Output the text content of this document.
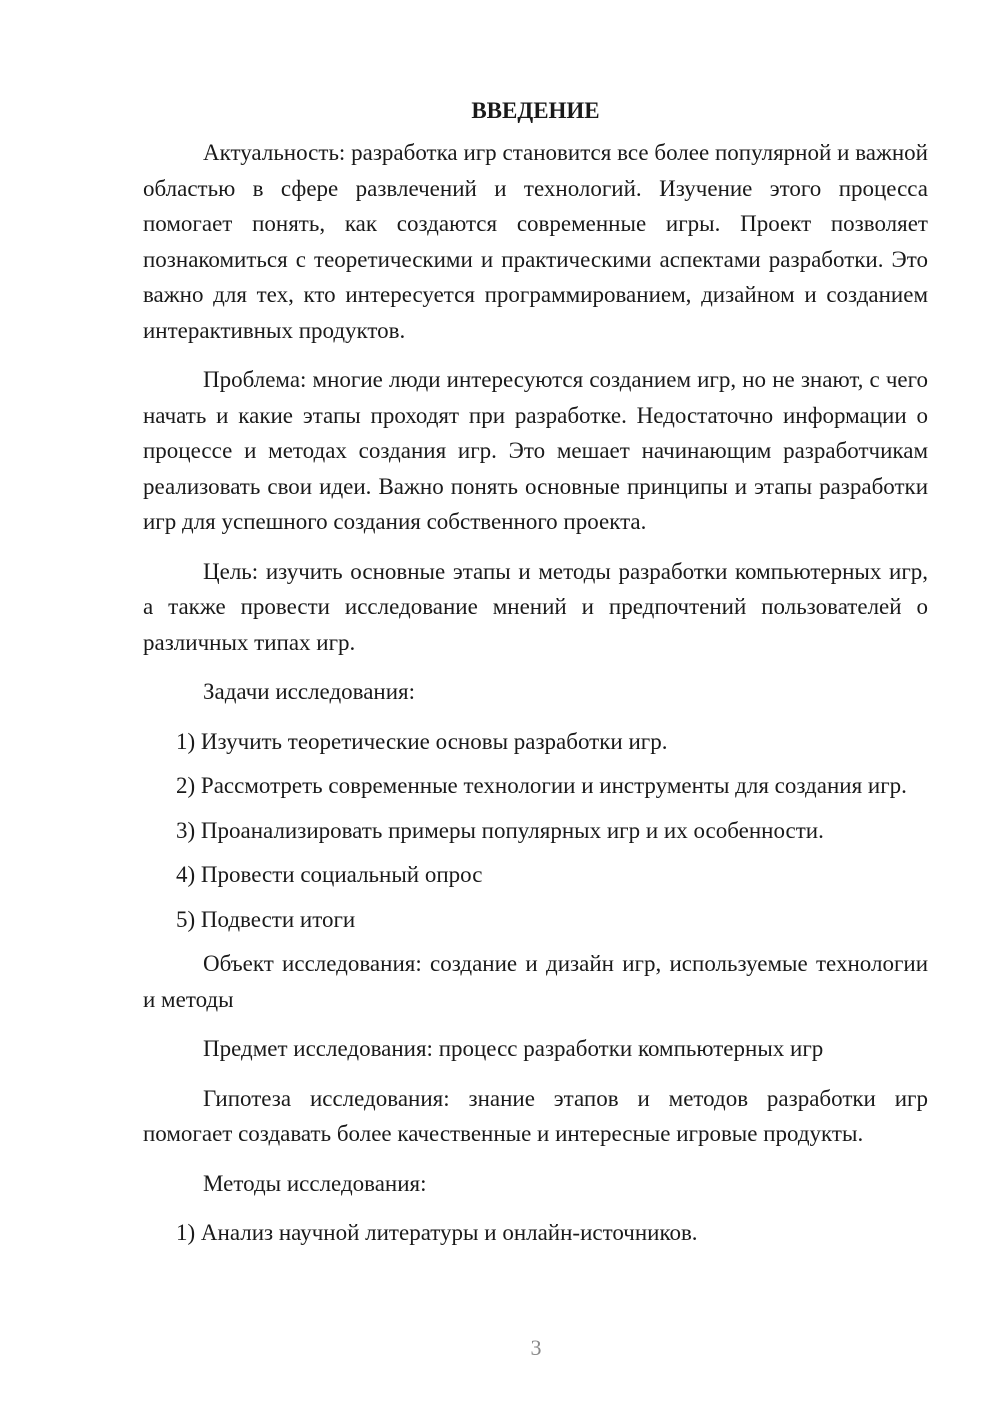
ВВЕДЕНИЕ

Актуальность: разработка игр становится все более популярной и важной областью в сфере развлечений и технологий. Изучение этого процесса помогает понять, как создаются современные игры. Проект позволяет познакомиться с теоретическими и практическими аспектами разработки. Это важно для тех, кто интересуется программированием, дизайном и созданием интерактивных продуктов.

Проблема: многие люди интересуются созданием игр, но не знают, с чего начать и какие этапы проходят при разработке. Недостаточно информации о процессе и методах создания игр. Это мешает начинающим разработчикам реализовать свои идеи. Важно понять основные принципы и этапы разработки игр для успешного создания собственного проекта.

Цель: изучить основные этапы и методы разработки компьютерных игр, а также провести исследование мнений и предпочтений пользователей о различных типах игр.

Задачи исследования:

1) Изучить теоретические основы разработки игр.

2) Рассмотреть современные технологии и инструменты для создания игр.

3) Проанализировать примеры популярных игр и их особенности.

4) Провести социальный опрос

5) Подвести итоги

Объект исследования: создание и дизайн игр, используемые технологии и методы

Предмет исследования: процесс разработки компьютерных игр

Гипотеза исследования: знание этапов и методов разработки игр помогает создавать более качественные и интересные игровые продукты.

Методы исследования:

1) Анализ научной литературы и онлайн-источников.

3
